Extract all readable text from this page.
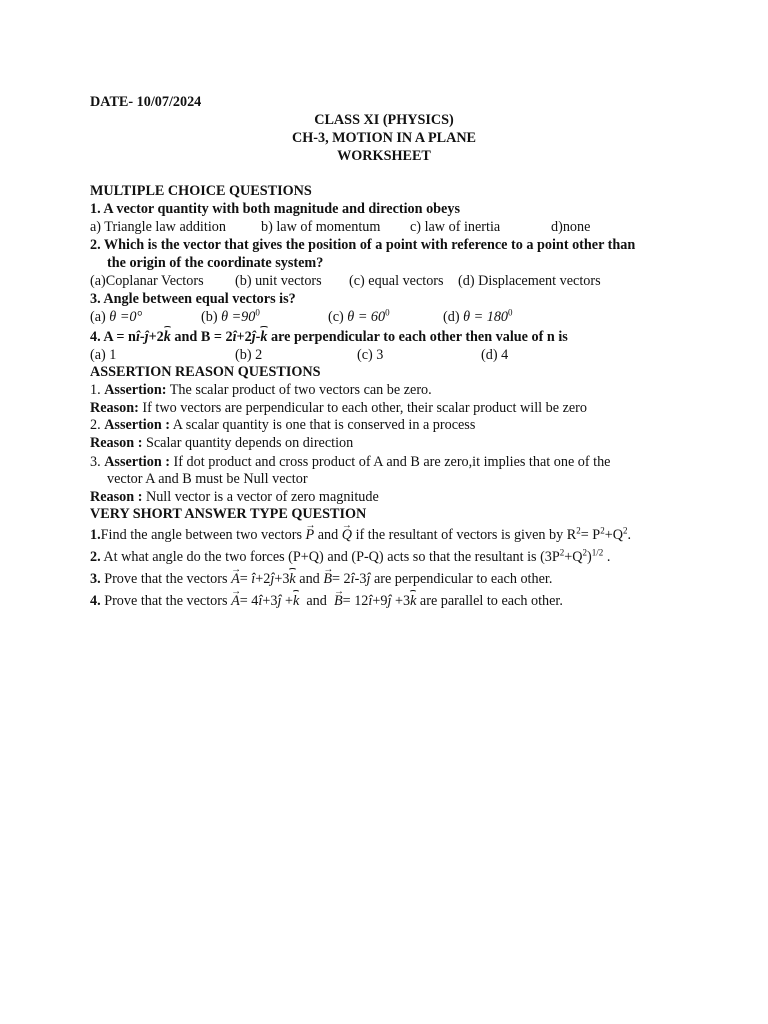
DATE- 10/07/2024
CLASS XI (PHYSICS)
CH-3, MOTION IN A PLANE
WORKSHEET
MULTIPLE CHOICE QUESTIONS
1. A vector quantity with both magnitude and direction obeys
a) Triangle law addition b) law of momentum c) law of inertia	d)none
2. Which is the vector that gives the position of a point with reference to a point other than
the origin of the coordinate system?
(a)Coplanar Vectors (b) unit vectors (c) equal vectors (d) Displacement vectors
3. Angle between equal vectors is?
(a) θ =0°	(b) $\theta =90^0$	(c) $\theta = 60^0$	(d) $\theta = 180^0$
4. A = nî-ĵ+2k and B = 2î+2ĵ-k are perpendicular to each other then value of n is
(a) 1	(b) 2	(c) 3	(d) 4
ASSERTION REASON QUESTIONS
1. Assertion: The scalar product of two vectors can be zero.
Reason: If two vectors are perpendicular to each other, their scalar product will be zero
2. Assertion : A scalar quantity is one that is conserved in a process
Reason : Scalar quantity depends on direction
3. Assertion : If dot product and cross product of A and B are zero,it implies that one of the
vector A and B must be Null vector
Reason : Null vector is a vector of zero magnitude
VERY SHORT ANSWER TYPE QUESTION
1.Find the angle between two vectors → P and → Q if the resultant of vectors is given by $R^2= P^2+Q^2$.
2. At what angle do the two forces (P+Q) and (P-Q) acts so that the resultant is $(3P^2+Q^2)^{1/2}$ .
3. Prove that the vectors → A= î+2ĵ+3k and → B= 2î-3ĵ are perpendicular to each other.
4. Prove that the vectors → A= 4î+3ĵ +k  and  → B= 12î+9ĵ +3k are parallel to each other.
